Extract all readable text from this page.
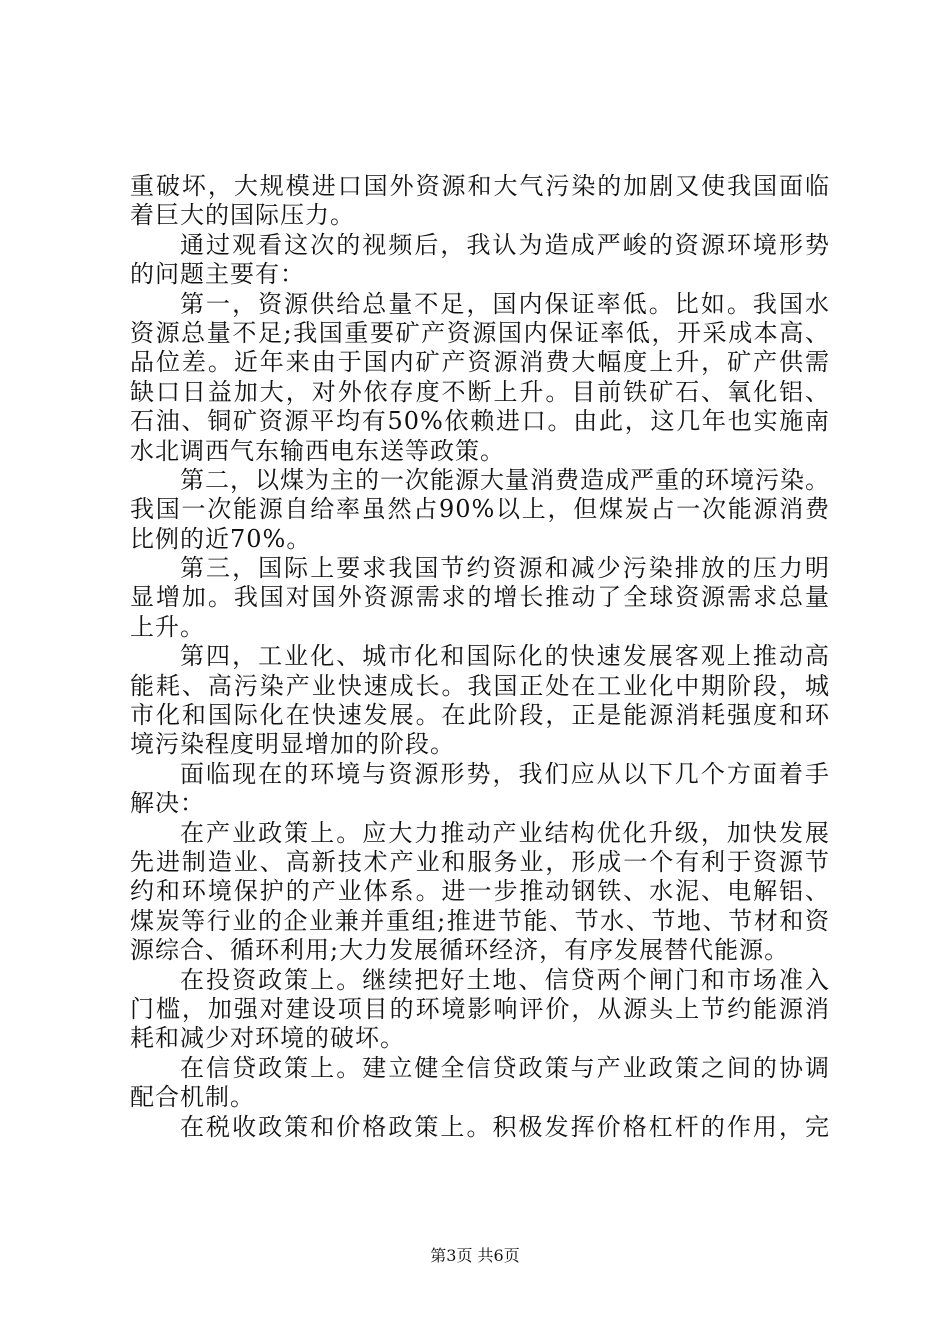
重破坏，大规模进口国外资源和大气污染的加剧又使我国面临
着巨大的国际压力。
通过观看这次的视频后，我认为造成严峻的资源环境形势
的问题主要有：
第一，资源供给总量不足，国内保证率低。比如。我国水
资源总量不足;我国重要矿产资源国内保证率低，开采成本高、
品位差。近年来由于国内矿产资源消费大幅度上升，矿产供需
缺口日益加大，对外依存度不断上升。目前铁矿石、氧化铝、
石油、铜矿资源平均有50%依赖进口。由此，这几年也实施南
水北调西气东输西电东送等政策。
第二，以煤为主的一次能源大量消费造成严重的环境污染。
我国一次能源自给率虽然占90%以上，但煤炭占一次能源消费
比例的近70%。
第三，国际上要求我国节约资源和减少污染排放的压力明
显增加。我国对国外资源需求的增长推动了全球资源需求总量
上升。
第四，工业化、城市化和国际化的快速发展客观上推动高
能耗、高污染产业快速成长。我国正处在工业化中期阶段，城
市化和国际化在快速发展。在此阶段，正是能源消耗强度和环
境污染程度明显增加的阶段。
面临现在的环境与资源形势，我们应从以下几个方面着手
解决：
在产业政策上。应大力推动产业结构优化升级，加快发展
先进制造业、高新技术产业和服务业，形成一个有利于资源节
约和环境保护的产业体系。进一步推动钢铁、水泥、电解铝、
煤炭等行业的企业兼并重组;推进节能、节水、节地、节材和资
源综合、循环利用;大力发展循环经济，有序发展替代能源。
在投资政策上。继续把好土地、信贷两个闸门和市场准入
门槛，加强对建设项目的环境影响评价，从源头上节约能源消
耗和减少对环境的破坏。
在信贷政策上。建立健全信贷政策与产业政策之间的协调
配合机制。
在税收政策和价格政策上。积极发挥价格杠杆的作用，完
第3页 共6页
